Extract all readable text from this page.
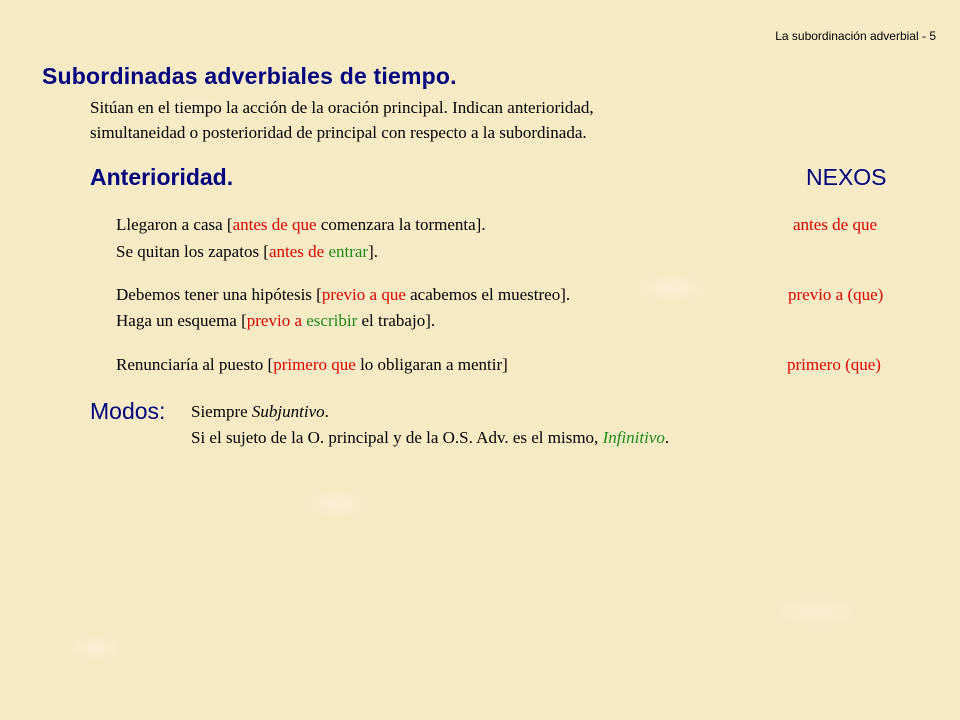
La subordinación adverbial - 5
Subordinadas adverbiales de tiempo.
Sitúan en el tiempo la acción de la oración principal. Indican anterioridad,
simultaneidad o posterioridad de principal con respecto a la subordinada.
Anterioridad.	NEXOS
Llegaron a casa [antes de que comenzara la tormenta].	antes de que
Se quitan los zapatos [antes de entrar].
Debemos tener una hipótesis [previo a que acabemos el muestreo].	previo a (que)
Haga un esquema [previo a escribir el trabajo].
Renunciaría al puesto [primero que lo obligaran a mentir]	primero (que)
Modos: Siempre Subjuntivo.
Si el sujeto de la O. principal y de la O.S. Adv. es el mismo, Infinitivo.
